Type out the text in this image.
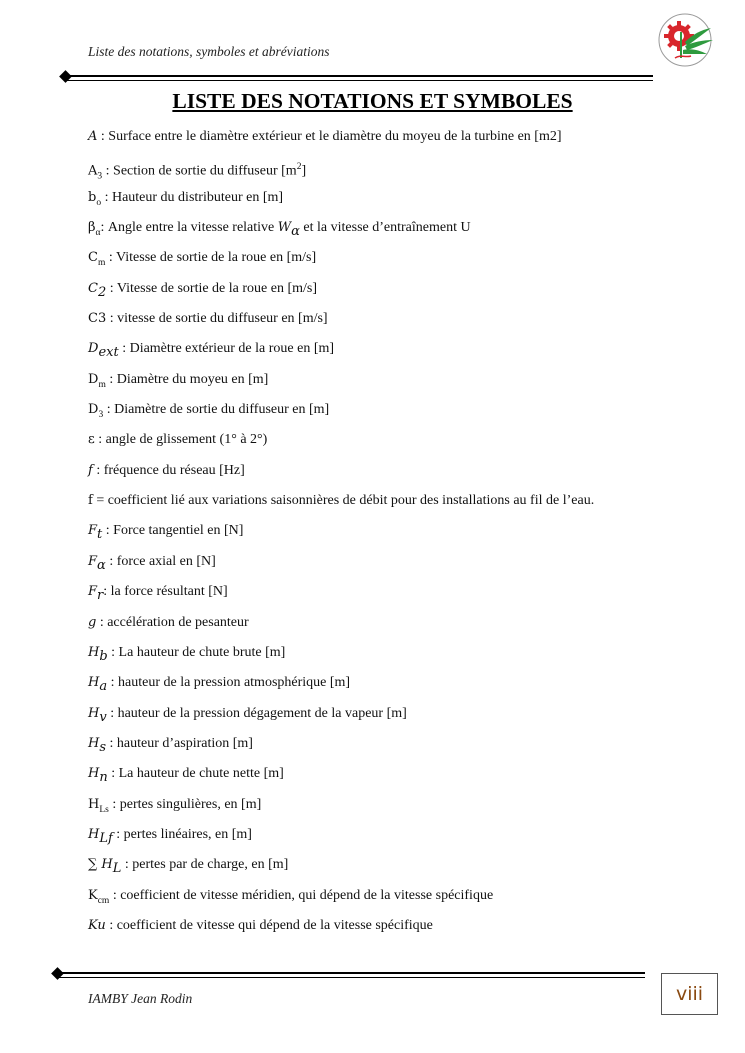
Liste des notations, symboles et abréviations
LISTE DES NOTATIONS ET SYMBOLES
A : Surface entre le diamètre extérieur et le diamètre du moyeu de la turbine en [m2]
$A_3$ : Section de sortie du diffuseur $[m^2]$
$b_o$ : Hauteur du distributeur en [m]
$\beta_\alpha$: Angle entre la vitesse relative $W_\alpha$ et la vitesse d’entraînement U
$C_m$ : Vitesse de sortie de la roue en [m/s]
$C_2$ : Vitesse de sortie de la roue en [m/s]
C3 : vitesse de sortie du diffuseur en [m/s]
$D_{ext}$ : Diamètre extérieur de la roue en [m]
$D_m$ : Diamètre du moyeu en [m]
$D_3$ : Diamètre de sortie du diffuseur en [m]
ε : angle de glissement (1° à 2°)
f : fréquence du réseau [Hz]
f = coefficient lié aux variations saisonnières de débit pour des installations au fil de l’eau.
$F_t$ : Force tangentiel en [N]
$F_\alpha$ : force axial en [N]
$F_r$: la force résultant [N]
g : accélération de pesanteur
$H_b$ : La hauteur de chute brute [m]
$H_a$ : hauteur de la pression atmosphérique [m]
$H_v$ : hauteur de la pression dégagement de la vapeur [m]
$H_s$ : hauteur d’aspiration [m]
$H_n$ : La hauteur de chute nette [m]
$H_{Ls}$ : pertes singulières, en [m]
$H_{Lf}$ : pertes linéaires, en [m]
∑ $H_L$ : pertes par de charge, en [m]
$K_{cm}$ : coefficient de vitesse méridien, qui dépend de la vitesse spécifique
Ku : coefficient de vitesse qui dépend de la vitesse spécifique
IAMBY Jean Rodin	viii
